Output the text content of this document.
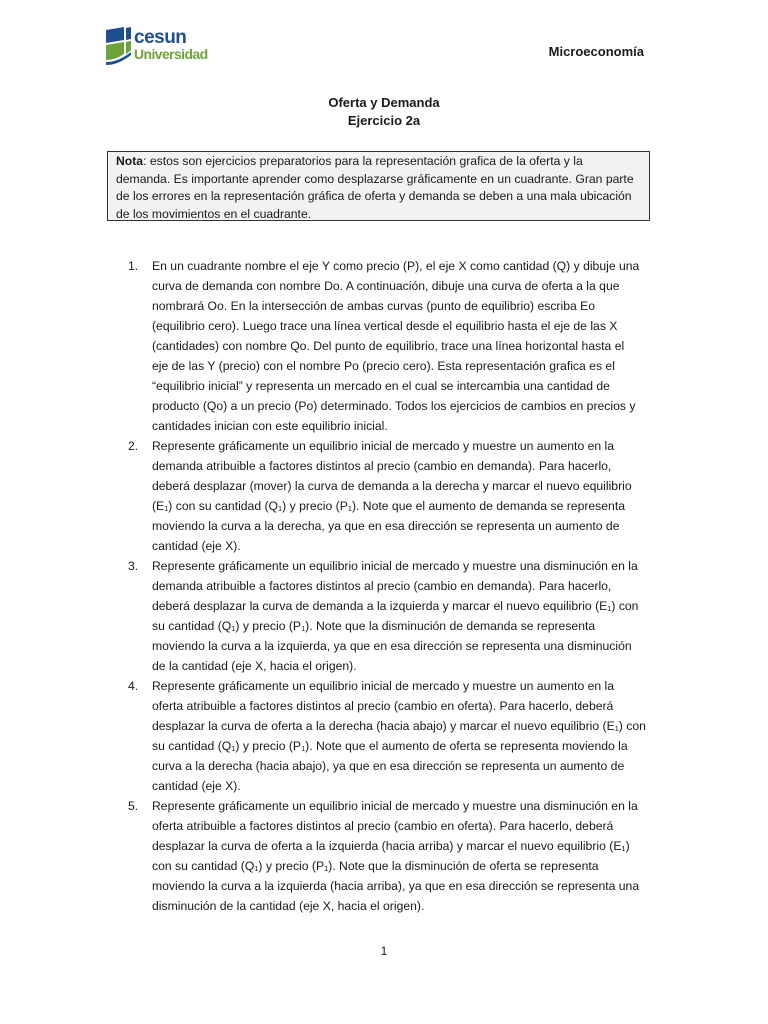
cesun
Universidad	Microeconomía
Oferta y Demanda
Ejercicio 2a
Nota: estos son ejercicios preparatorios para la representación grafica de la oferta y la
demanda. Es importante aprender como desplazarse gráficamente en un cuadrante. Gran parte
de los errores en la representación gráfica de oferta y demanda se deben a una mala ubicación
de los movimientos en el cuadrante.
1.	En un cuadrante nombre el eje Y como precio (P), el eje X como cantidad (Q) y dibuje una
curva de demanda con nombre Do. A continuación, dibuje una curva de oferta a la que
nombrará Oo. En la intersección de ambas curvas (punto de equilibrio) escriba Eo
(equilibrio cero). Luego trace una línea vertical desde el equilibrio hasta el eje de las X
(cantidades) con nombre Qo. Del punto de equilibrio, trace una línea horizontal hasta el
eje de las Y (precio) con el nombre Po (precio cero). Esta representación grafica es el
“equilibrio inicial” y representa un mercado en el cual se intercambia una cantidad de
producto (Qo) a un precio (Po) determinado. Todos los ejercicios de cambios en precios y
cantidades inician con este equilibrio inicial.
2.	Represente gráficamente un equilibrio inicial de mercado y muestre un aumento en la
demanda atribuible a factores distintos al precio (cambio en demanda). Para hacerlo,
deberá desplazar (mover) la curva de demanda a la derecha y marcar el nuevo equilibrio
(E₁) con su cantidad (Q₁) y precio (P₁). Note que el aumento de demanda se representa
moviendo la curva a la derecha, ya que en esa dirección se representa un aumento de
cantidad (eje X).
3.	Represente gráficamente un equilibrio inicial de mercado y muestre una disminución en la
demanda atribuible a factores distintos al precio (cambio en demanda). Para hacerlo,
deberá desplazar la curva de demanda a la izquierda y marcar el nuevo equilibrio (E₁) con
su cantidad (Q₁) y precio (P₁). Note que la disminución de demanda se representa
moviendo la curva a la izquierda, ya que en esa dirección se representa una disminución
de la cantidad (eje X, hacia el origen).
4.	Represente gráficamente un equilibrio inicial de mercado y muestre un aumento en la
oferta atribuible a factores distintos al precio (cambio en oferta). Para hacerlo, deberá
desplazar la curva de oferta a la derecha (hacia abajo) y marcar el nuevo equilibrio (E₁) con
su cantidad (Q₁) y precio (P₁). Note que el aumento de oferta se representa moviendo la
curva a la derecha (hacia abajo), ya que en esa dirección se representa un aumento de
cantidad (eje X).
5.	Represente gráficamente un equilibrio inicial de mercado y muestre una disminución en la
oferta atribuible a factores distintos al precio (cambio en oferta). Para hacerlo, deberá
desplazar la curva de oferta a la izquierda (hacia arriba) y marcar el nuevo equilibrio (E₁)
con su cantidad (Q₁) y precio (P₁). Note que la disminución de oferta se representa
moviendo la curva a la izquierda (hacia arriba), ya que en esa dirección se representa una
disminución de la cantidad (eje X, hacia el origen).
1
